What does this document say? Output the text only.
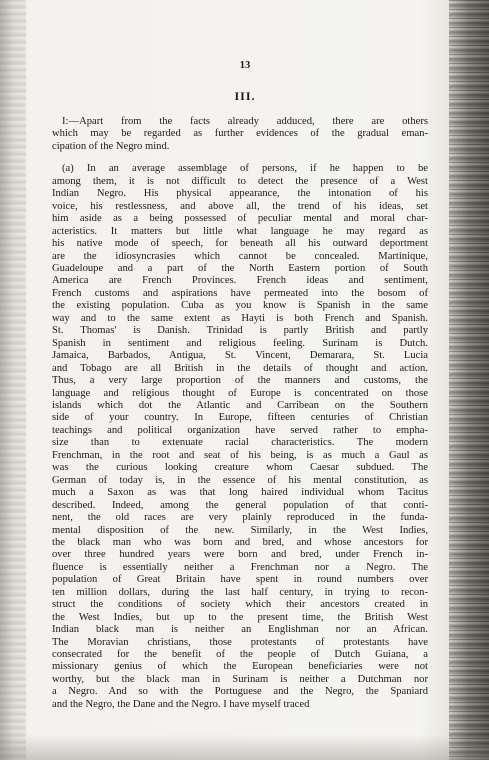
13

III.

I:—Apart from the facts already adduced, there are others
which may be regarded as further evidences of the gradual eman-
cipation of the Negro mind.

(a) In an average assemblage of persons, if he happen to be
among them, it is not difficult to detect the presence of a West
Indian Negro. His physical appearance, the intonation of his
voice, his restlessness, and above all, the trend of his ideas, set
him aside as a being possessed of peculiar mental and moral char-
acteristics. It matters but little what language he may regard as
his native mode of speech, for beneath all his outward deportment
are the idiosyncrasies which cannot be concealed. Martinique,
Guadeloupe and a part of the North Eastern portion of South
America are French Provinces. French ideas and sentiment,
French customs and aspirations have permeated into the bosom of
the existing population. Cuba as you know is Spanish in the same
way and to the same extent as Hayti is both French and Spanish.
St. Thomas' is Danish. Trinidad is partly British and partly
Spanish in sentiment and religious feeling. Surinam is Dutch.
Jamaica, Barbados, Antigua, St. Vincent, Demarara, St. Lucia
and Tobago are all British in the details of thought and action.
Thus, a very large proportion of the manners and customs, the
language and religious thought of Europe is concentrated on those
islands which dot the Atlantic and Carribean on the Southern
side of your country. In Europe, fifteen centuries of Christian
teachings and political organization have served rather to empha-
size than to extenuate racial characteristics. The modern
Frenchman, in the root and seat of his being, is as much a Gaul as
was the curious looking creature whom Caesar subdued. The
German of today is, in the essence of his mental constitution, as
much a Saxon as was that long haired individual whom Tacitus
described. Indeed, among the general population of that conti-
nent, the old races are very plainly reproduced in the funda-
mental disposition of the new. Similarly, in the West Indies,
the black man who was born and bred, and whose ancestors for
over three hundred years were born and bred, under French in-
fluence is essentially neither a Frenchman nor a Negro. The
population of Great Britain have spent in round numbers over
ten million dollars, during the last half century, in trying to recon-
struct the conditions of society which their ancestors created in
the West Indies, but up to the present time, the British West
Indian black man is neither an Englishman nor an African.
The Moravian christians, those protestants of protestants have
consecrated for the benefit of the people of Dutch Guiana, a
missionary genius of which the European beneficiaries were not
worthy, but the black man in Surinam is neither a Dutchman nor
a Negro. And so with the Portuguese and the Negro, the Spaniard
and the Negro, the Dane and the Negro. I have myself traced
